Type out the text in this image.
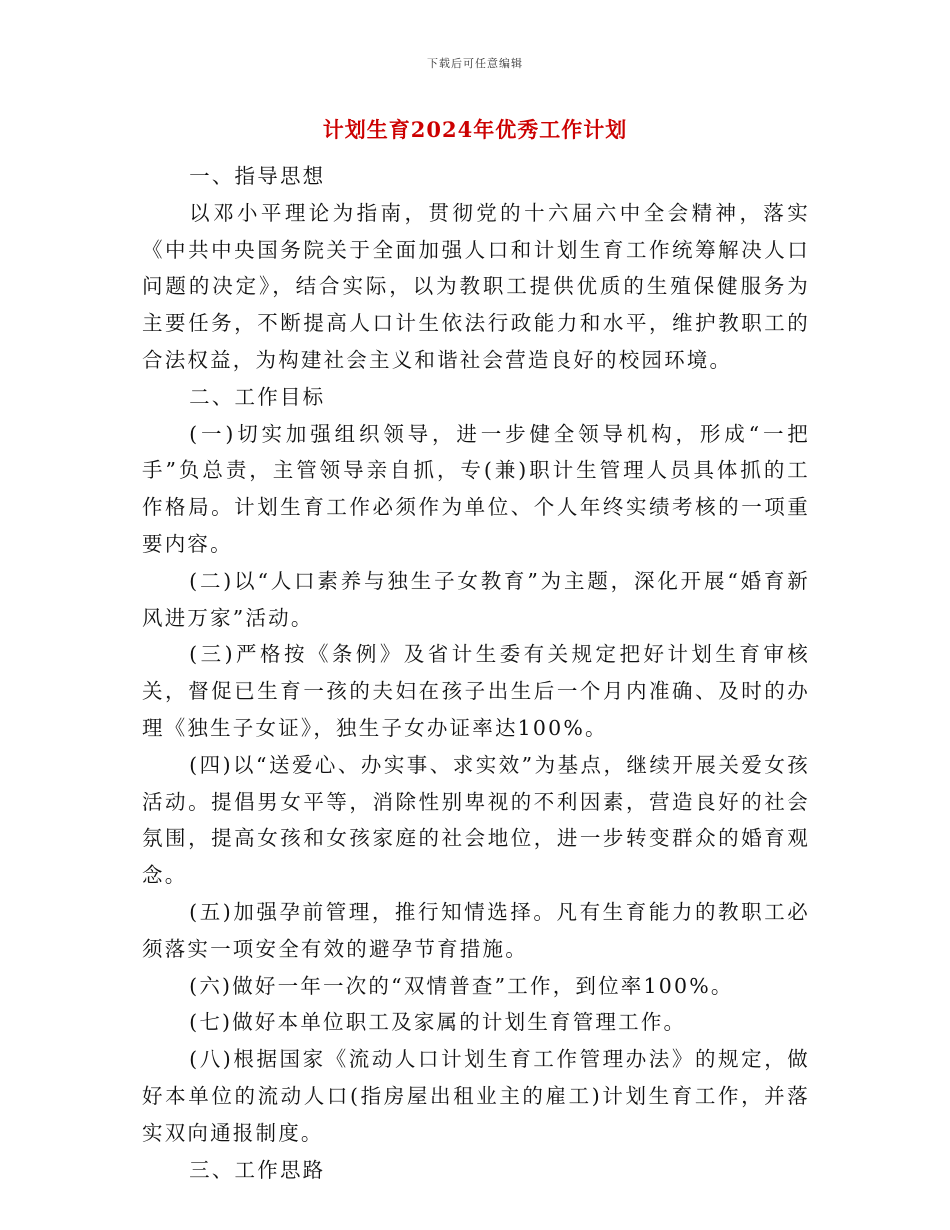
下载后可任意编辑
计划生育2024年优秀工作计划

一、指导思想

以邓小平理论为指南，贯彻党的十六届六中全会精神，落实《中共中央国务院关于全面加强人口和计划生育工作统筹解决人口问题的决定》，结合实际，以为教职工提供优质的生殖保健服务为主要任务，不断提高人口计生依法行政能力和水平，维护教职工的合法权益，为构建社会主义和谐社会营造良好的校园环境。

二、工作目标

(一)切实加强组织领导，进一步健全领导机构，形成“一把手”负总责，主管领导亲自抓，专(兼)职计生管理人员具体抓的工作格局。计划生育工作必须作为单位、个人年终实绩考核的一项重要内容。

(二)以“人口素养与独生子女教育”为主题，深化开展“婚育新风进万家”活动。

(三)严格按《条例》及省计生委有关规定把好计划生育审核关，督促已生育一孩的夫妇在孩子出生后一个月内准确、及时的办理《独生子女证》，独生子女办证率达100%。

(四)以“送爱心、办实事、求实效”为基点，继续开展关爱女孩活动。提倡男女平等，消除性别卑视的不利因素，营造良好的社会氛围，提高女孩和女孩家庭的社会地位，进一步转变群众的婚育观念。

(五)加强孕前管理，推行知情选择。凡有生育能力的教职工必须落实一项安全有效的避孕节育措施。

(六)做好一年一次的“双情普查”工作，到位率100%。

(七)做好本单位职工及家属的计划生育管理工作。

(八)根据国家《流动人口计划生育工作管理办法》的规定，做好本单位的流动人口(指房屋出租业主的雇工)计划生育工作，并落实双向通报制度。

三、工作思路
